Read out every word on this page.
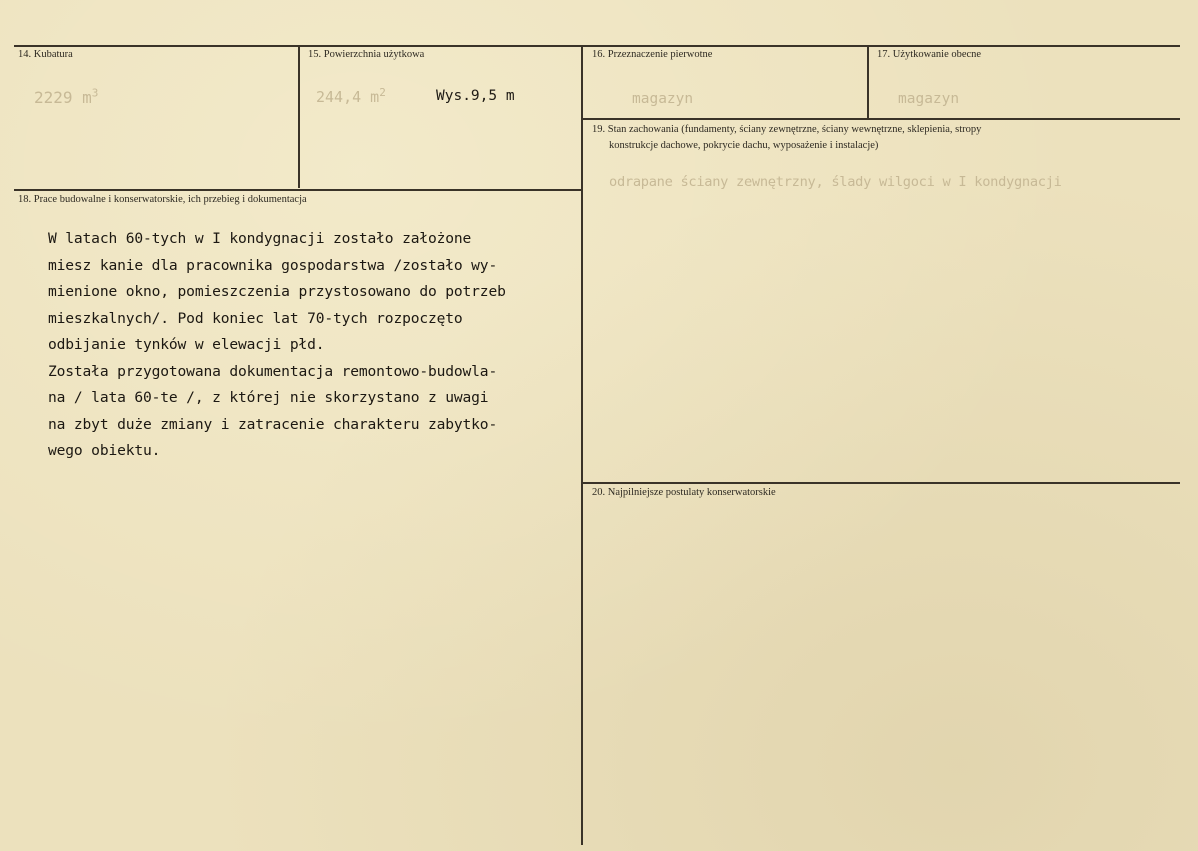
14. Kubatura
2229 $m^3$
15. Powierzchnia użytkowa
244,4 $m^2$	Wys.9,5 m
16. Przeznaczenie pierwotne
magazyn
17. Użytkowanie obecne
magazyn
18. Prace budowalne i konserwatorskie, ich przebieg i dokumentacja
W latach 60-tych w I kondygnacji zostało założone
miesz kanie dla pracownika gospodarstwa /zostało wy-
mienione okno, pomieszczenia przystosowano do potrzeb
mieszkalnych/. Pod koniec lat 70-tych rozpoczęto
odbijanie tynków w elewacji płd.
Została przygotowana dokumentacja remontowo-budowla-
na / lata 60-te /, z której nie skorzystano z uwagi
na zbyt duże zmiany i zatracenie charakteru zabytko-
wego obiektu.
19. Stan zachowania (fundamenty, ściany zewnętrzne, ściany wewnętrzne, sklepienia, stropy
konstrukcje dachowe, pokrycie dachu, wyposażenie i instalacje)
odrapane ściany zewnętrzny, ślady wilgoci w I kondygnacji
20. Najpilniejsze postulaty konserwatorskie
